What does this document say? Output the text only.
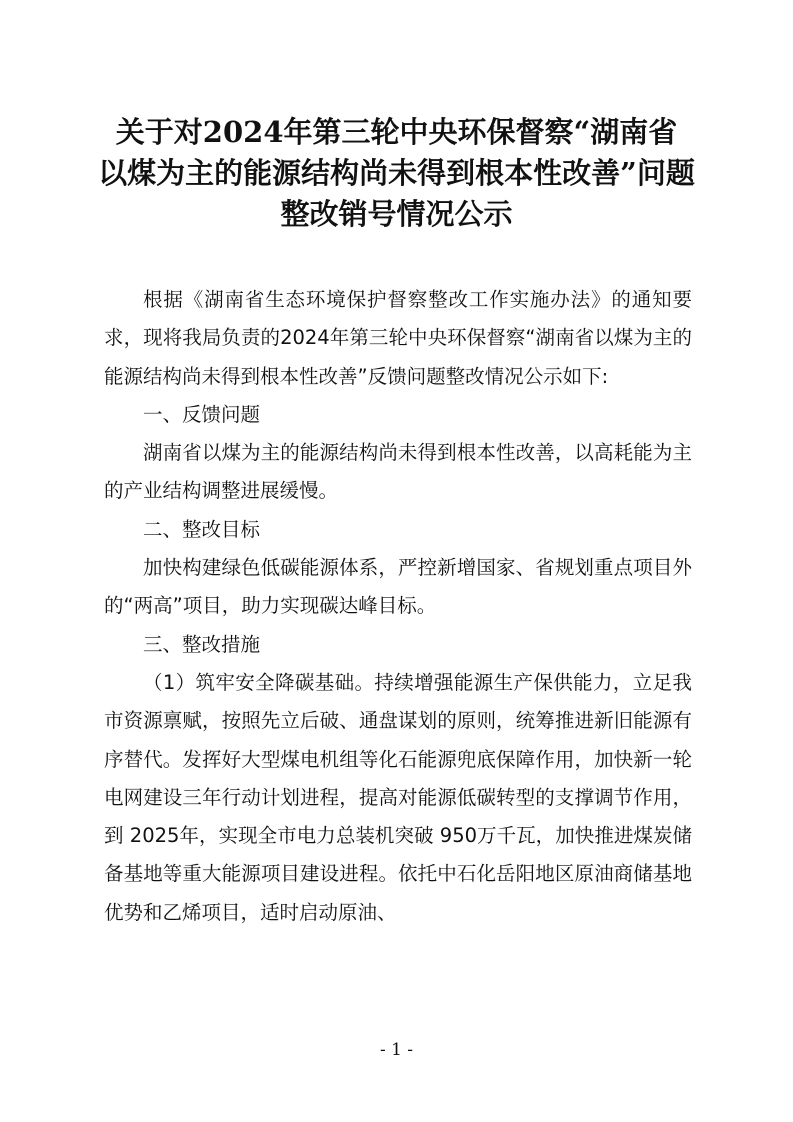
关于对2024年第三轮中央环保督察“湖南省
以煤为主的能源结构尚未得到根本性改善”问题
整改销号情况公示

根据《湖南省生态环境保护督察整改工作实施办法》的通知要求，现将我局负责的2024年第三轮中央环保督察“湖南省以煤为主的能源结构尚未得到根本性改善”反馈问题整改情况公示如下:

一、反馈问题

湖南省以煤为主的能源结构尚未得到根本性改善，以高耗能为主的产业结构调整进展缓慢。

二、整改目标

加快构建绿色低碳能源体系，严控新增国家、省规划重点项目外的“两高”项目，助力实现碳达峰目标。

三、整改措施

（1）筑牢安全降碳基础。持续增强能源生产保供能力，立足我市资源禀赋，按照先立后破、通盘谋划的原则，统筹推进新旧能源有序替代。发挥好大型煤电机组等化石能源兜底保障作用，加快新一轮电网建设三年行动计划进程，提高对能源低碳转型的支撑调节作用，到 2025年，实现全市电力总装机突破 950万千瓦，加快推进煤炭储备基地等重大能源项目建设进程。依托中石化岳阳地区原油商储基地优势和乙烯项目，适时启动原油、

- 1 -
